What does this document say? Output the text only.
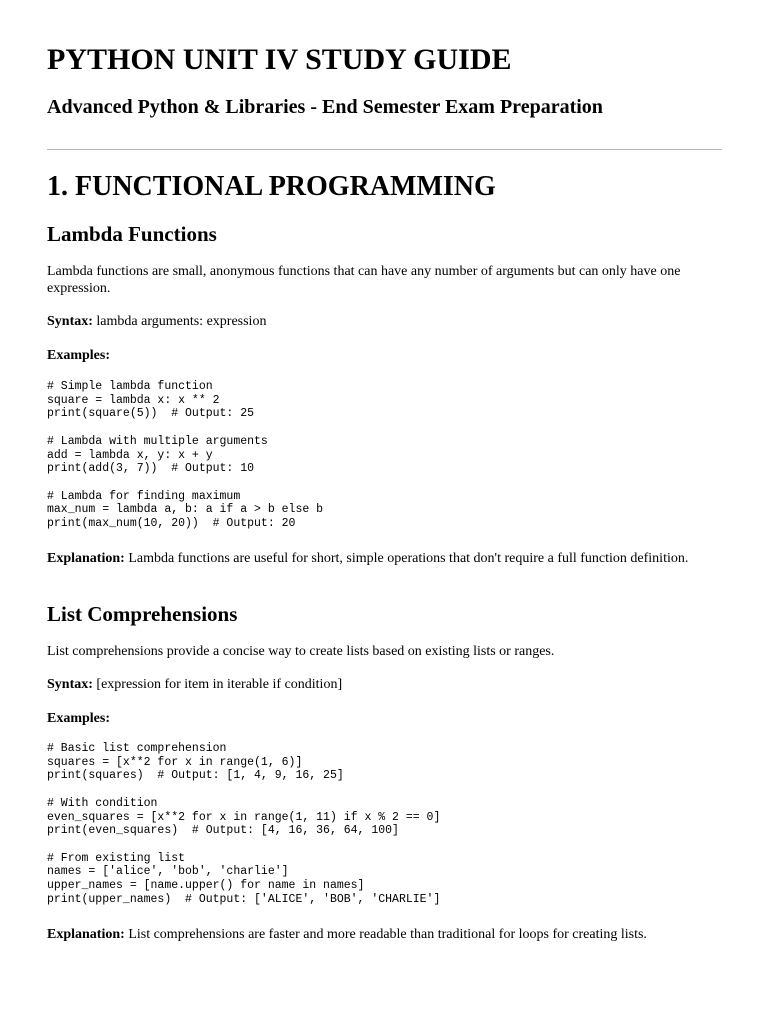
PYTHON UNIT IV STUDY GUIDE
Advanced Python & Libraries - End Semester Exam Preparation
1. FUNCTIONAL PROGRAMMING
Lambda Functions

Lambda functions are small, anonymous functions that can have any number of arguments but can only have one expression.

Syntax: lambda arguments: expression

Examples:

# Simple lambda function
square = lambda x: x ** 2
print(square(5))  # Output: 25

# Lambda with multiple arguments
add = lambda x, y: x + y
print(add(3, 7))  # Output: 10

# Lambda for finding maximum
max_num = lambda a, b: a if a > b else b
print(max_num(10, 20))  # Output: 20

Explanation: Lambda functions are useful for short, simple operations that don't require a full function definition.

List Comprehensions

List comprehensions provide a concise way to create lists based on existing lists or ranges.

Syntax: [expression for item in iterable if condition]

Examples:

# Basic list comprehension
squares = [x**2 for x in range(1, 6)]
print(squares)  # Output: [1, 4, 9, 16, 25]

# With condition
even_squares = [x**2 for x in range(1, 11) if x % 2 == 0]
print(even_squares)  # Output: [4, 16, 36, 64, 100]

# From existing list
names = ['alice', 'bob', 'charlie']
upper_names = [name.upper() for name in names]
print(upper_names)  # Output: ['ALICE', 'BOB', 'CHARLIE']

Explanation: List comprehensions are faster and more readable than traditional for loops for creating lists.
